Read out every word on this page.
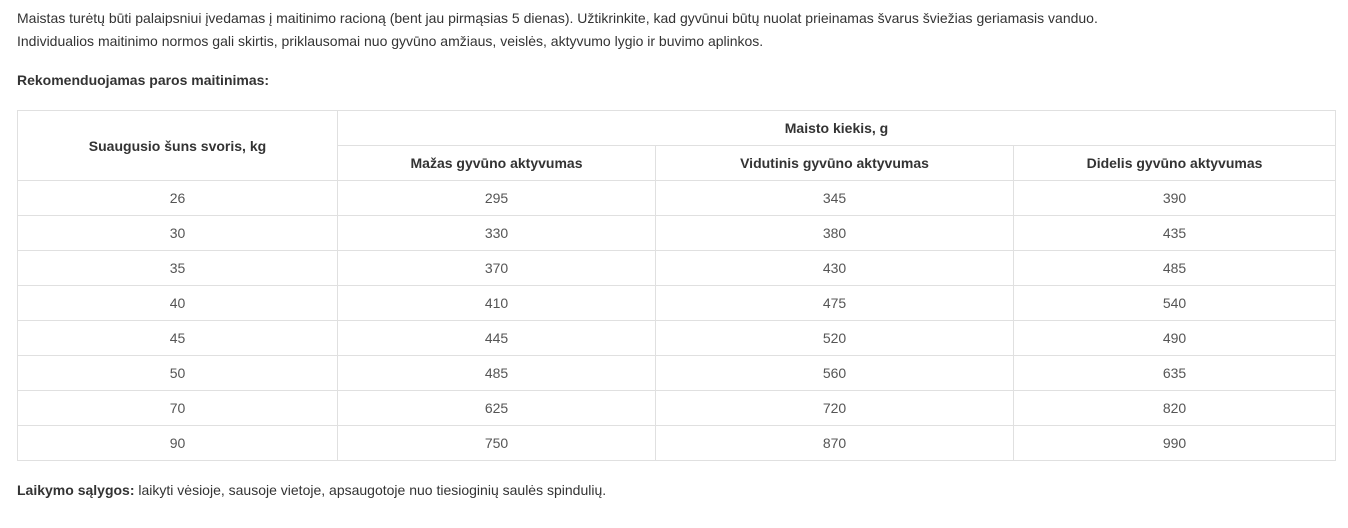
Maistas turėtų būti palaipsniui įvedamas į maitinimo racioną (bent jau pirmąsias 5 dienas). Užtikrinkite, kad gyvūnui būtų nuolat prieinamas švarus šviežias geriamasis vanduo.

Individualios maitinimo normos gali skirtis, priklausomai nuo gyvūno amžiaus, veislės, aktyvumo lygio ir buvimo aplinkos.

Rekomenduojamas paros maitinimas:

Suaugusio šuns svoris, kg	Maisto kiekis, g		
	Mažas gyvūno aktyvumas	Vidutinis gyvūno aktyvumas	Didelis gyvūno aktyvumas
26	295	345	390
30	330	380	435
35	370	430	485
40	410	475	540
45	445	520	490
50	485	560	635
70	625	720	820
90	750	870	990

Laikymo sąlygos: laikyti vėsioje, sausoje vietoje, apsaugotoje nuo tiesioginių saulės spindulių.
